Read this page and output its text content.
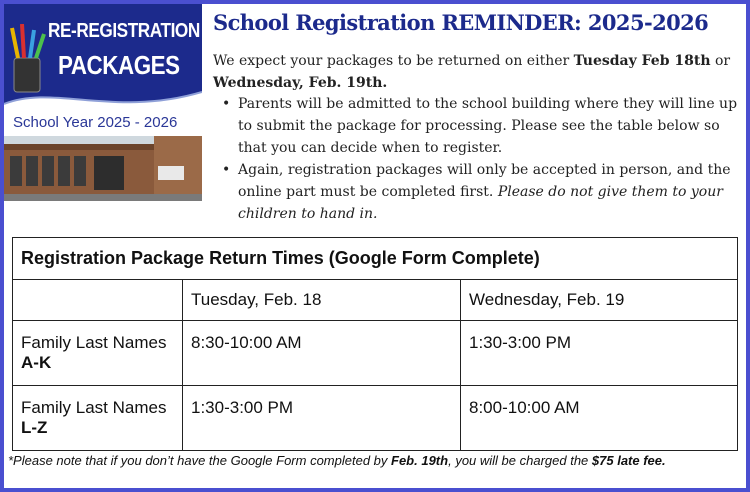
RE-REGISTRATION
PACKAGES
School Year 2025 - 2026
School Registration REMINDER: 2025-2026

We expect your packages to be returned on either Tuesday Feb 18th or Wednesday, Feb. 19th.

• Parents will be admitted to the school building where they will line up to submit the package for processing. Please see the table below so that you can decide when to register.
• Again, registration packages will only be accepted in person, and the online part must be completed first. Please do not give them to your children to hand in.
Registration Package Return Times (Google Form Complete)		
	Tuesday, Feb. 18	Wednesday, Feb. 19
Family Last Names A-K	8:30-10:00 AM	1:30-3:00 PM
Family Last Names L-Z	1:30-3:00 PM	8:00-10:00 AM
*Please note that if you don’t have the Google Form completed by Feb. 19th, you will be charged the $75 late fee.
